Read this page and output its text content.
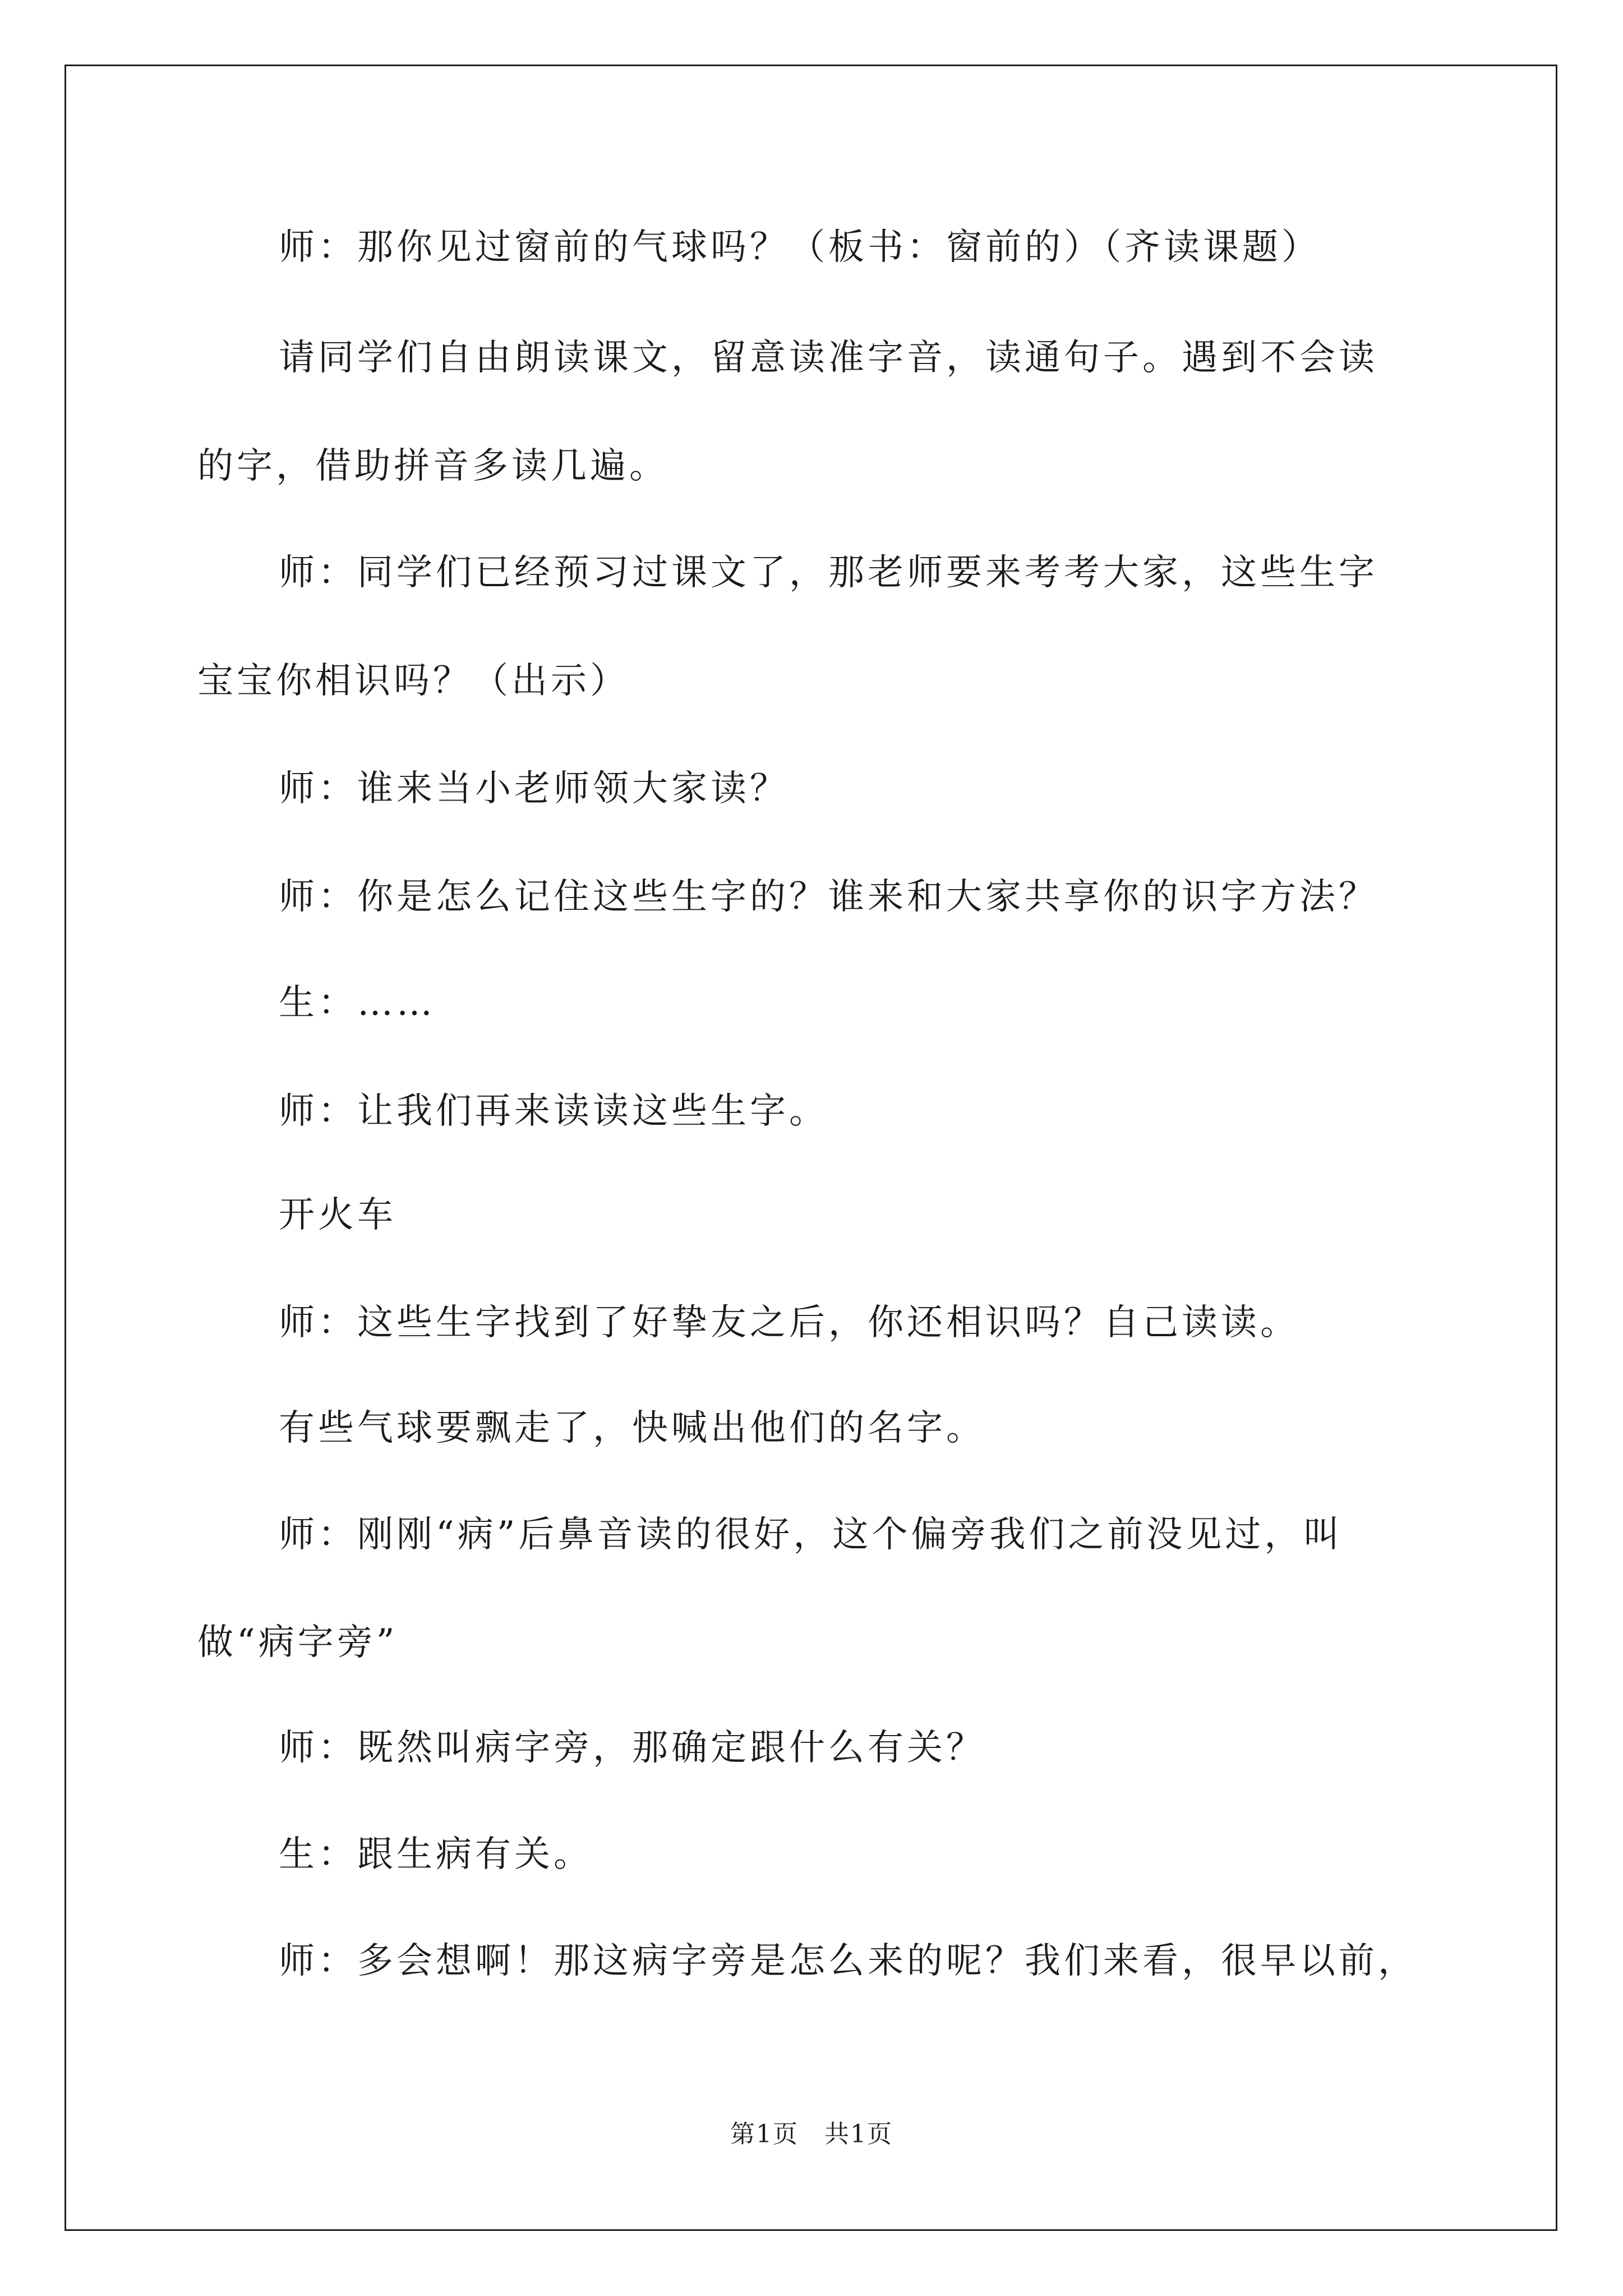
师：那你见过窗前的气球吗？（板书：窗前的）（齐读课题）
请同学们自由朗读课文，留意读准字音，读通句子。遇到不会读
的字，借助拼音多读几遍。
师：同学们已经预习过课文了，那老师要来考考大家，这些生字
宝宝你相识吗？（出示）
师：谁来当小老师领大家读？
师：你是怎么记住这些生字的？谁来和大家共享你的识字方法？
生：……
师：让我们再来读读这些生字。
开火车
师：这些生字找到了好挚友之后，你还相识吗？自己读读。
有些气球要飘走了，快喊出他们的名字。
师：刚刚“病”后鼻音读的很好，这个偏旁我们之前没见过，叫
做“病字旁”
师：既然叫病字旁，那确定跟什么有关？
生：跟生病有关。
师：多会想啊！那这病字旁是怎么来的呢？我们来看，很早以前，
第1页　共1页
